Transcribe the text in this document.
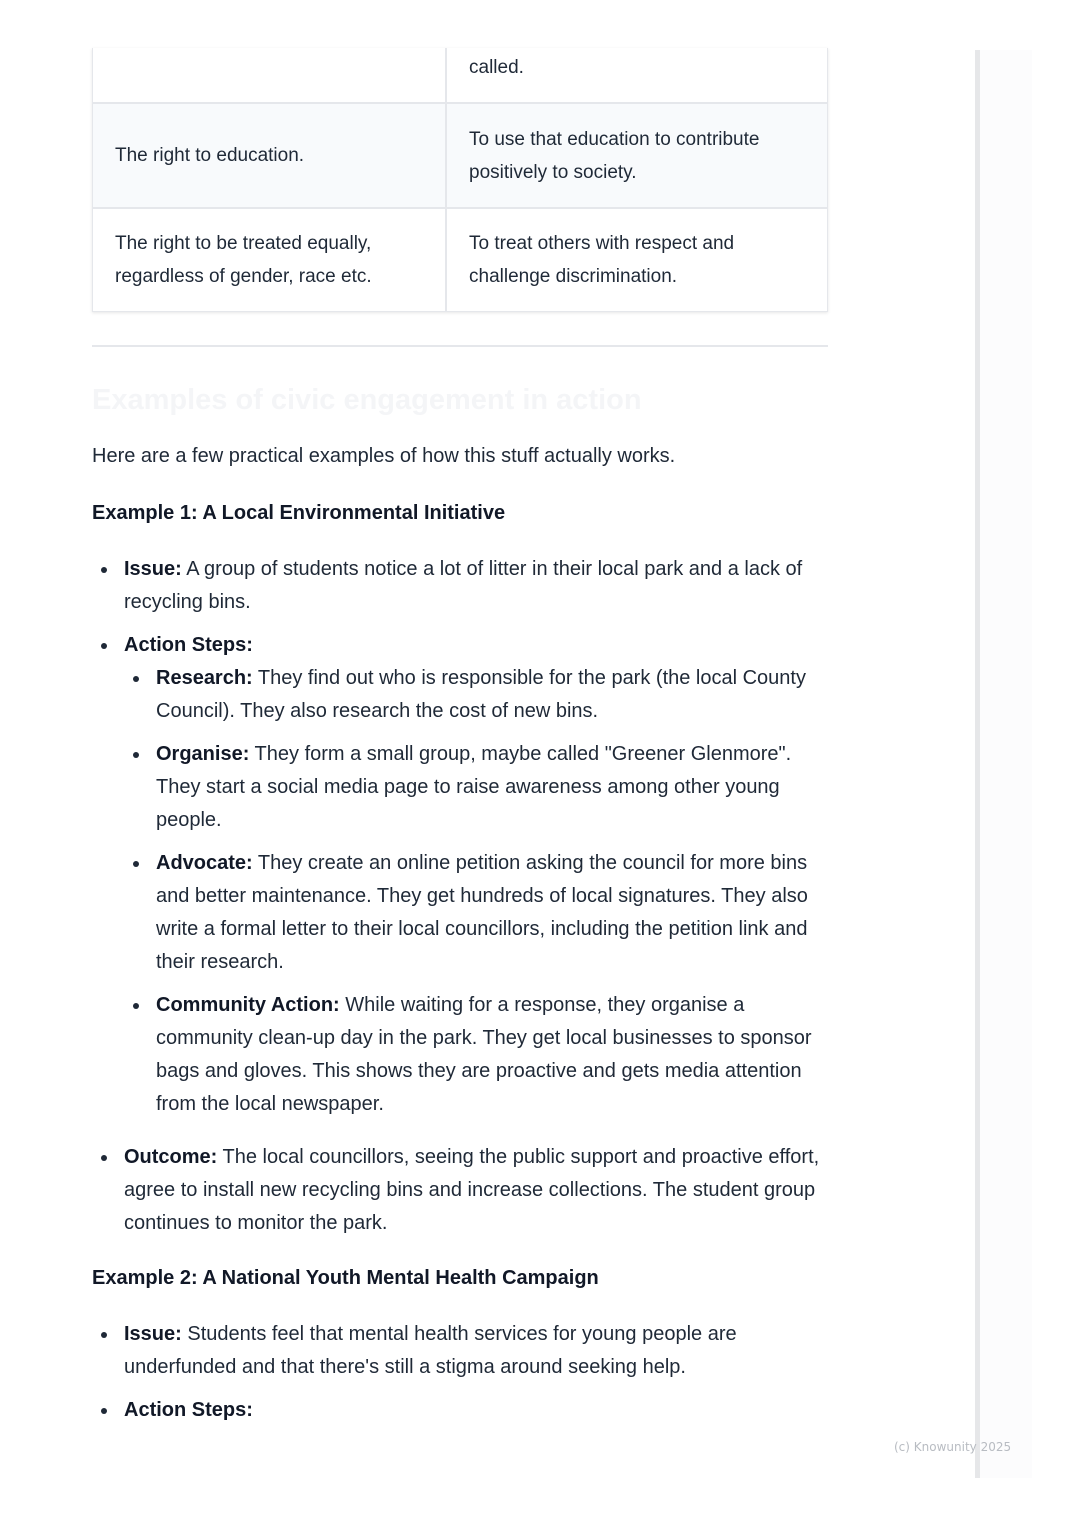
called.
The right to education.
To use that education to contribute positively to society.
The right to be treated equally, regardless of gender, race etc.
To treat others with respect and challenge discrimination.
Examples of civic engagement in action

Here are a few practical examples of how this stuff actually works.

Example 1: A Local Environmental Initiative

Issue: A group of students notice a lot of litter in their local park and a lack of recycling bins.
Action Steps:
Research: They find out who is responsible for the park (the local County Council). They also research the cost of new bins.
Organise: They form a small group, maybe called "Greener Glenmore". They start a social media page to raise awareness among other young people.
Advocate: They create an online petition asking the council for more bins and better maintenance. They get hundreds of local signatures. They also write a formal letter to their local councillors, including the petition link and their research.
Community Action: While waiting for a response, they organise a community clean-up day in the park. They get local businesses to sponsor bags and gloves. This shows they are proactive and gets media attention from the local newspaper.
Outcome: The local councillors, seeing the public support and proactive effort, agree to install new recycling bins and increase collections. The student group continues to monitor the park.

Example 2: A National Youth Mental Health Campaign

Issue: Students feel that mental health services for young people are underfunded and that there's still a stigma around seeking help.
Action Steps:
(c) Knowunity 2025
